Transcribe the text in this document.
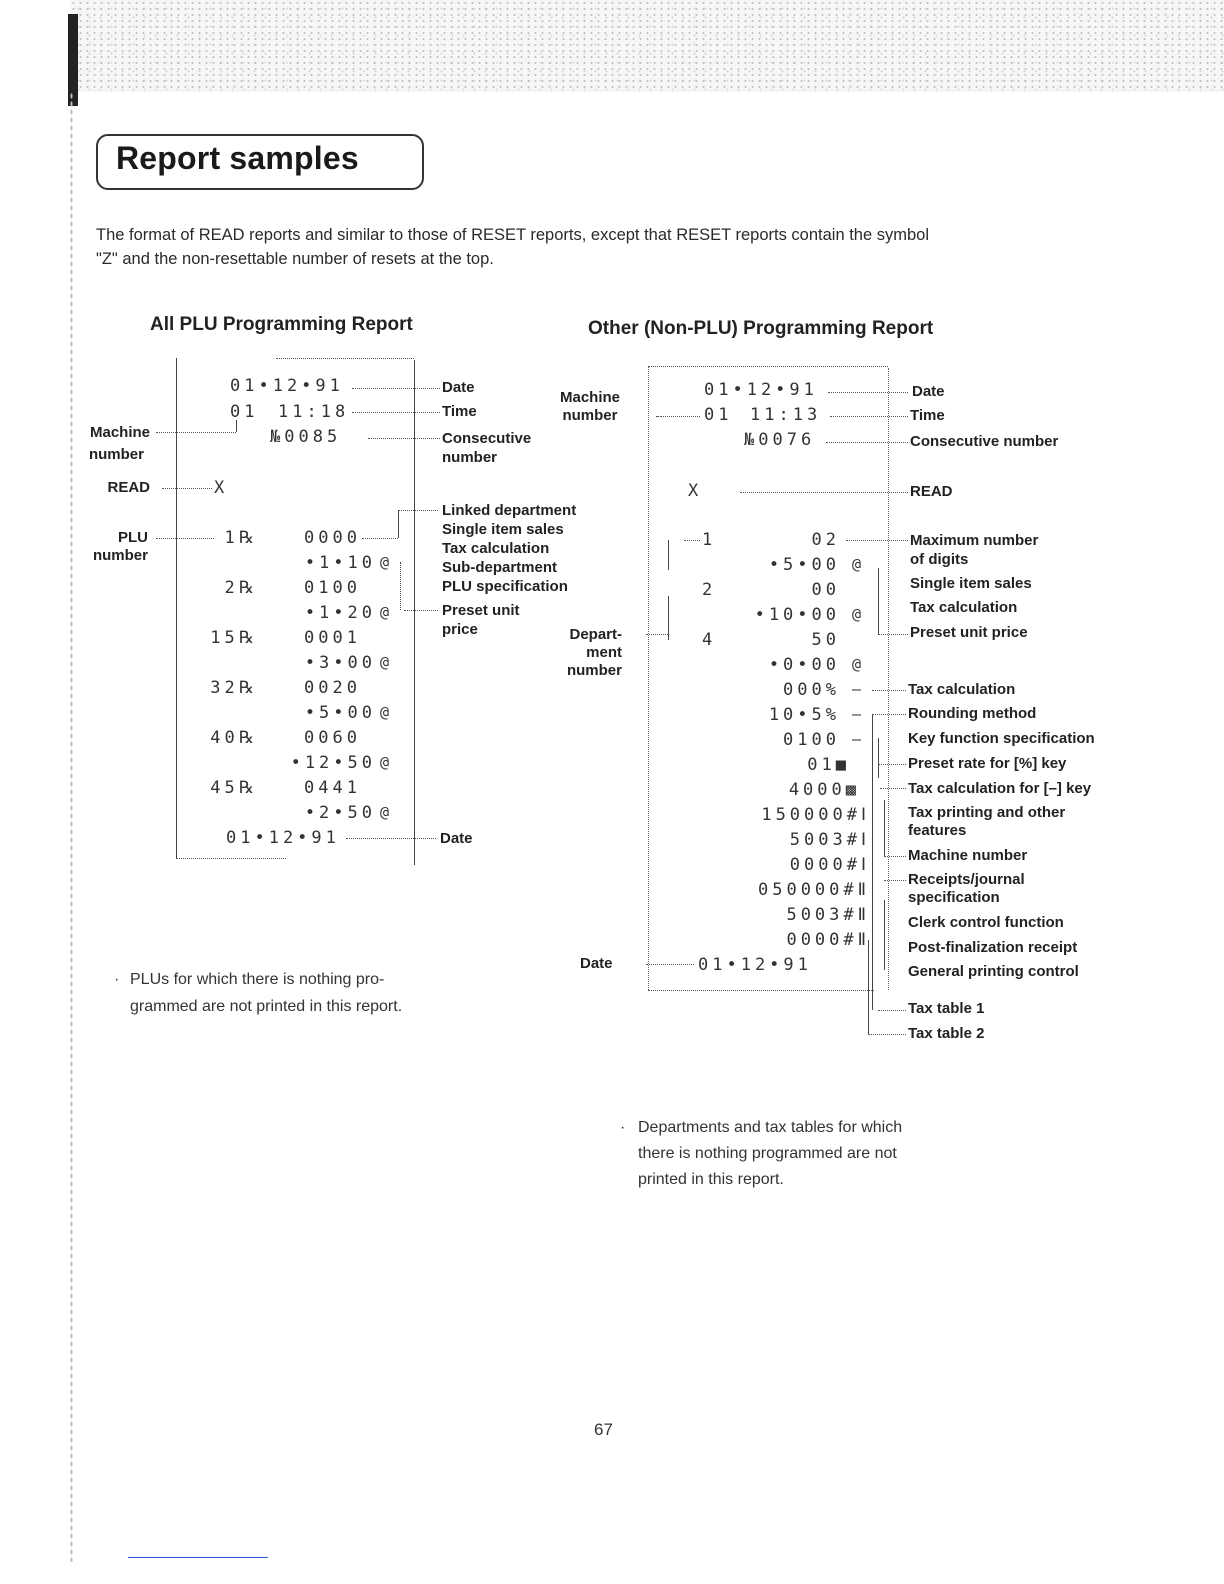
Report samples
The format of READ reports and similar to those of RESET reports, except that RESET reports contain the symbol
"Z" and the non-resettable number of resets at the top.
All PLU Programming Report
01•12•91
01 11:18
№0085
X
1℞	0000
•1•10 @
2℞	0100
•1•20 @
15℞	0001
•3•00 @
32℞	0020
•5•00 @
40℞	0060
•12•50 @
45℞	0441
•2•50 @
01•12•91
Machine
number
READ
PLU
number
Date
Time
Consecutive
number
Linked department
Single item sales
Tax calculation
Sub-department
PLU specification
Preset unit
price
Date
· PLUs for which there is nothing pro-
grammed are not printed in this report.
Other (Non-PLU) Programming Report
01•12•91
01 11:13
№0076
X
1	02
•5•00 @
2	00
•10•00 @
4	50
•0•00 @
000% –
10•5% –
0100 –
01■
4000▩
150000#Ⅰ
5003#Ⅰ
0000#Ⅰ
050000#Ⅱ
5003#Ⅱ
0000#Ⅱ
01•12•91
Machine
number
Depart-
ment
number
Date
Date
Time
Consecutive number
READ
Maximum number
of digits
Single item sales
Tax calculation
Preset unit price
Tax calculation
Rounding method
Key function specification
Preset rate for [%] key
Tax calculation for [–] key
Tax printing and other
features
Machine number
Receipts/journal
specification
Clerk control function
Post-finalization receipt
General printing control
Tax table 1
Tax table 2
· Departments and tax tables for which
there is nothing programmed are not
printed in this report.
67
